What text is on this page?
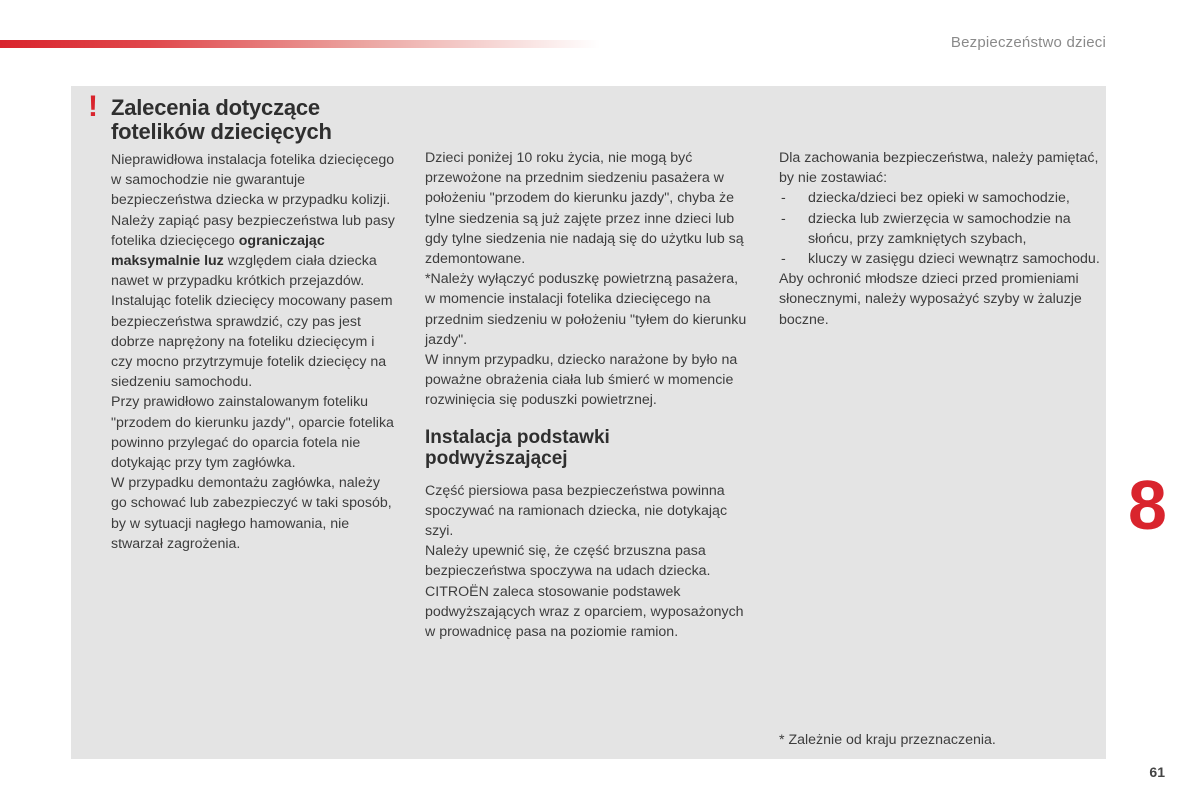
Bezpieczeństwo dzieci
! Zalecenia dotyczące
fotelików dziecięcych

Nieprawidłowa instalacja fotelika dziecięcego w samochodzie nie gwarantuje bezpieczeństwa dziecka w przypadku kolizji.

Należy zapiąć pasy bezpieczeństwa lub pasy fotelika dziecięcego ograniczając maksymalnie luz względem ciała dziecka nawet w przypadku krótkich przejazdów.

Instalując fotelik dziecięcy mocowany pasem bezpieczeństwa sprawdzić, czy pas jest dobrze naprężony na foteliku dziecięcym i czy mocno przytrzymuje fotelik dziecięcy na siedzeniu samochodu.

Przy prawidłowo zainstalowanym foteliku "przodem do kierunku jazdy", oparcie fotelika powinno przylegać do oparcia fotela nie dotykając przy tym zagłówka.

W przypadku demontażu zagłówka, należy go schować lub zabezpieczyć w taki sposób, by w sytuacji nagłego hamowania, nie stwarzał zagrożenia.

Dzieci poniżej 10 roku życia, nie mogą być przewożone na przednim siedzeniu pasażera w położeniu "przodem do kierunku jazdy", chyba że tylne siedzenia są już zajęte przez inne dzieci lub gdy tylne siedzenia nie nadają się do użytku lub są zdemontowane.

*Należy wyłączyć poduszkę powietrzną pasażera, w momencie instalacji fotelika dziecięcego na przednim siedzeniu w położeniu "tyłem do kierunku jazdy".

W innym przypadku, dziecko narażone by było na poważne obrażenia ciała lub śmierć w momencie rozwinięcia się poduszki powietrznej.

Instalacja podstawki
podwyższającej

Część piersiowa pasa bezpieczeństwa powinna spoczywać na ramionach dziecka, nie dotykając szyi.

Należy upewnić się, że część brzuszna pasa bezpieczeństwa spoczywa na udach dziecka.

CITROËN zaleca stosowanie podstawek podwyższających wraz z oparciem, wyposażonych w prowadnicę pasa na poziomie ramion.

Dla zachowania bezpieczeństwa, należy pamiętać, by nie zostawiać:

- dziecka/dzieci bez opieki w samochodzie,

- dziecka lub zwierzęcia w samochodzie na słońcu, przy zamkniętych szybach,

- kluczy w zasięgu dzieci wewnątrz samochodu.

Aby ochronić młodsze dzieci przed promieniami słonecznymi, należy wyposażyć szyby w żaluzje boczne.

* Zależnie od kraju przeznaczenia.
8
61
